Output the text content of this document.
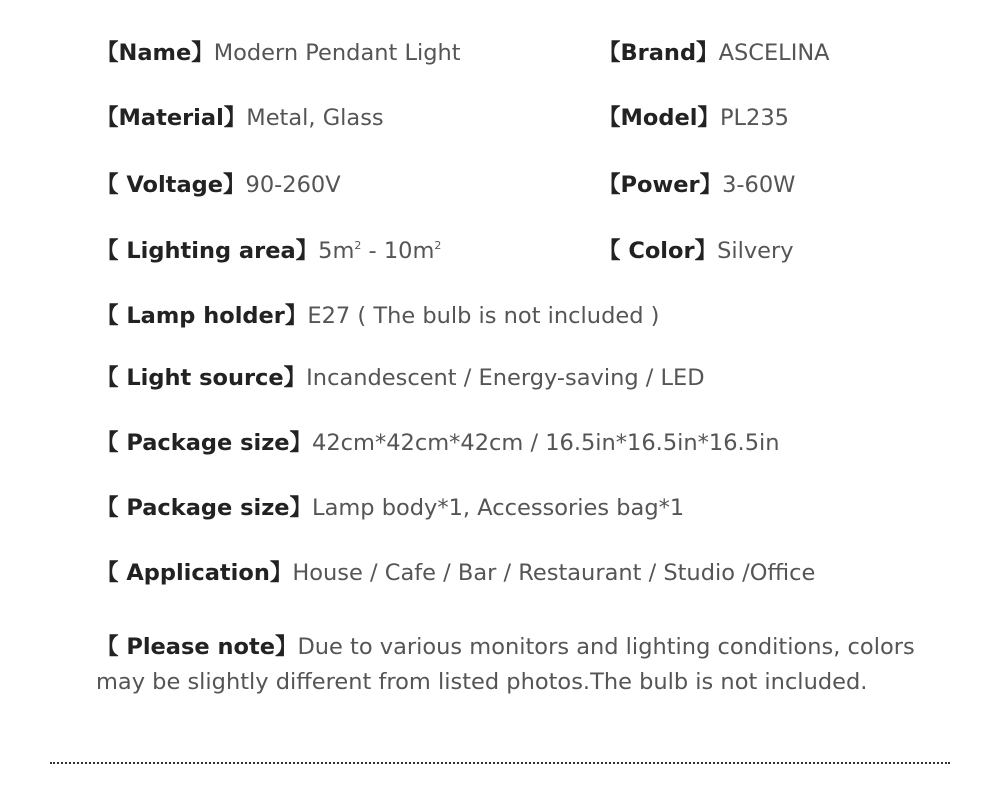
【Name】Modern Pendant Light	【Brand】ASCELINA
【Material】Metal, Glass	【Model】PL235
【 Voltage】90-260V	【Power】3-60W
【 Lighting area】$5m^2 - 10m^2$	【 Color】Silvery
【 Lamp holder】E27 ( The bulb is not included )
【 Light source】Incandescent / Energy-saving / LED
【 Package size】42cm*42cm*42cm / 16.5in*16.5in*16.5in
【 Package size】Lamp body*1, Accessories bag*1
【 Application】House / Cafe / Bar / Restaurant / Studio /Office
【 Please note】Due to various monitors and lighting conditions, colors may be slightly different from listed photos.The bulb is not included.
